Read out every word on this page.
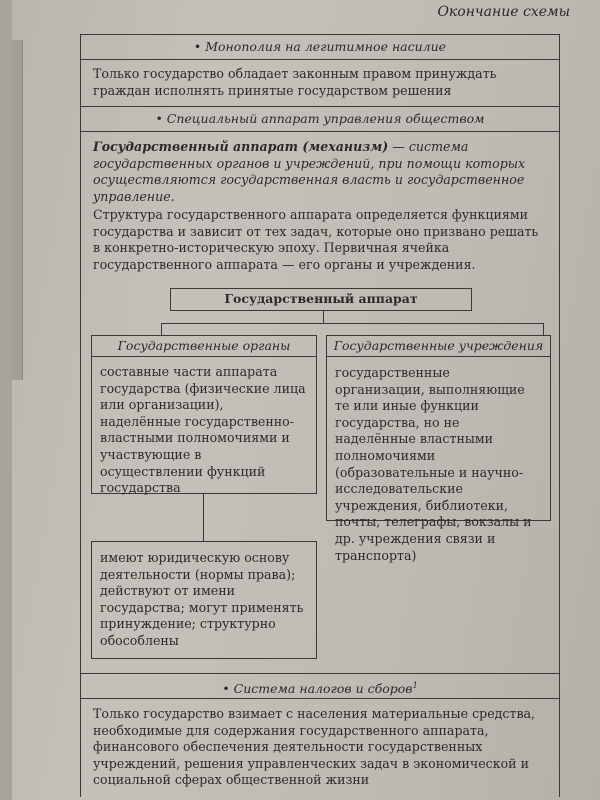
Окончание схемы
• Монополия на легитимное насилие
Только государство обладает законным правом принуждать граждан исполнять принятые государством решения
• Специальный аппарат управления обществом
Государственный аппарат (механизм) — система государственных органов и учреждений, при помощи которых осуществляются государственная власть и государственное управление.
Структура государственного аппарата определяется функциями государства и зависит от тех задач, которые оно призвано решать в конкретно-историческую эпоху. Первичная ячейка государственного аппарата — его органы и учреждения.
Государственный аппарат
Государственные органы
составные части аппарата государства (физические лица или организации), наделённые государственно-властными полномочиями и участвующие в осуществлении функций государства
имеют юридическую основу деятельности (нормы права); действуют от имени государства; могут применять принуждение; структурно обособлены
Государственные учреждения
государственные организации, выполняющие те или иные функции государства, но не наделённые властными полномочиями (образовательные и научно-исследовательские учреждения, библиотеки, почты, телеграфы, вокзалы и др. учреждения связи и транспорта)
• Система налогов и сборов$^1$
Только государство взимает с населения материальные средства, необходимые для содержания государственного аппарата, финансового обеспечения деятельности государственных учреждений, решения управленческих задач в экономической и социальной сферах общественной жизни
